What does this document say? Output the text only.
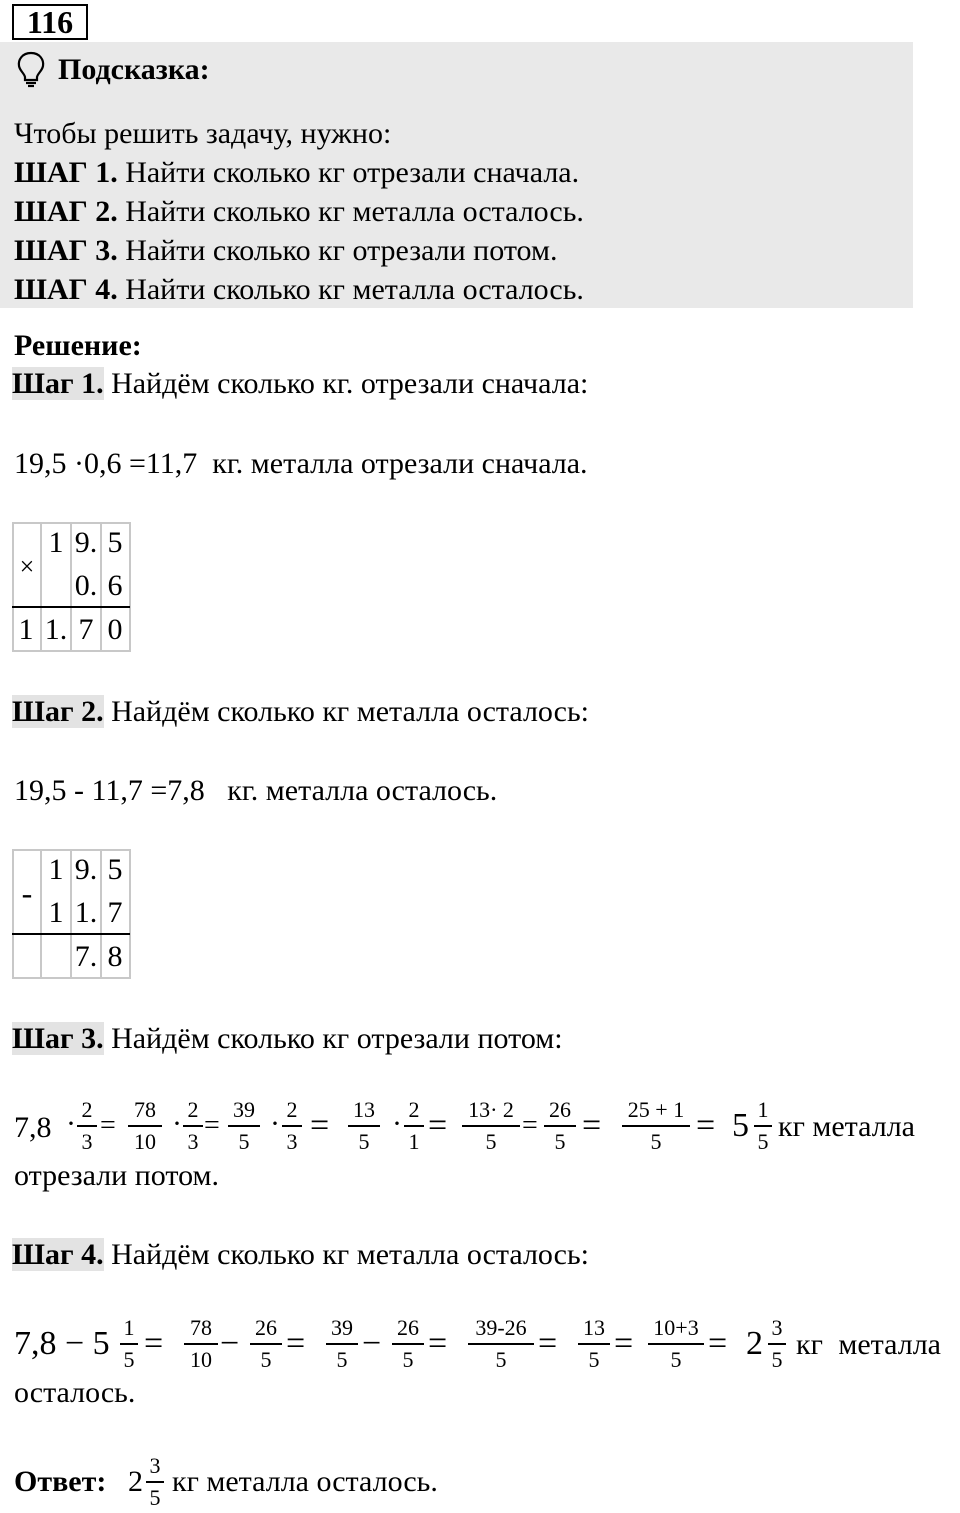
116
Подсказка:
Чтобы решить задачу, нужно:
ШАГ 1. Найти сколько кг отрезали сначала.
ШАГ 2. Найти сколько кг металла осталось.
ШАГ 3. Найти сколько кг отрезали потом.
ШАГ 4. Найти сколько кг металла осталось.
Решение:
Шаг 1. Найдём сколько кг. отрезали сначала:
19,5 ·0,6 =11,7 кг. металла отрезали сначала.
×
1 9. 5
0. 6
1 1. 7 0
Шаг 2. Найдём сколько кг металла осталось:
19,5 - 11,7 =7,8 кг. металла осталось.
-
1 9. 5
1 1. 7
7. 8
Шаг 3. Найдём сколько кг отрезали потом:
7,8 · 2
3
=
78
10
· 2
3
=
39
5
· 2
3 = 13
5
· 2
1 = 13· 2
5
=
26
5 = 25 + 1
5	= 5 1
5 кг металла
отрезали потом.
Шаг 4. Найдём сколько кг металла осталось:
7,8 − 5 1
5 = 78
10 − 26
5 = 39
5 − 26
5 =	39-26
5 = 13
5 = 10+3
5 = 2 3
5 кг металла
осталось.
Ответ: 2 3
5 кг металла осталось.
